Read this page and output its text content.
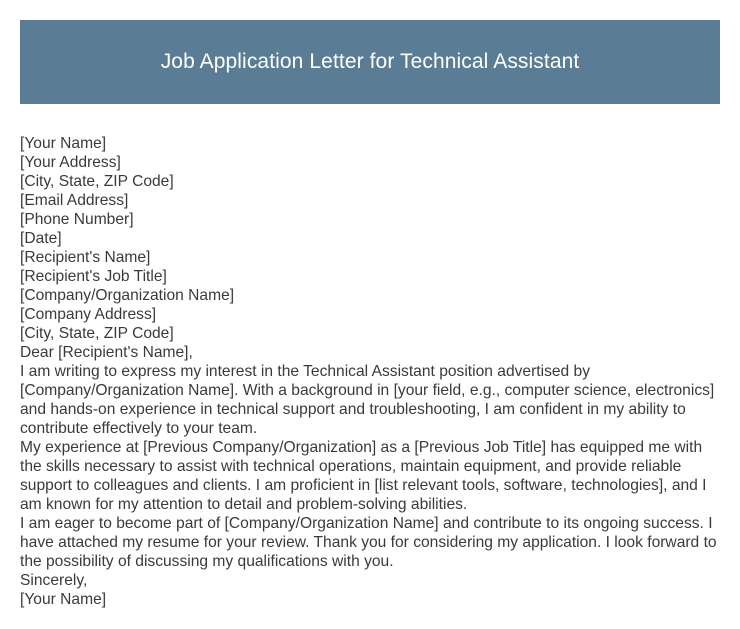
Job Application Letter for Technical Assistant
[Your Name]
[Your Address]
[City, State, ZIP Code]
[Email Address]
[Phone Number]
[Date]
[Recipient's Name]
[Recipient's Job Title]
[Company/Organization Name]
[Company Address]
[City, State, ZIP Code]
Dear [Recipient's Name],
I am writing to express my interest in the Technical Assistant position advertised by [Company/Organization Name]. With a background in [your field, e.g., computer science, electronics] and hands-on experience in technical support and troubleshooting, I am confident in my ability to contribute effectively to your team.
My experience at [Previous Company/Organization] as a [Previous Job Title] has equipped me with the skills necessary to assist with technical operations, maintain equipment, and provide reliable support to colleagues and clients. I am proficient in [list relevant tools, software, technologies], and I am known for my attention to detail and problem-solving abilities.
I am eager to become part of [Company/Organization Name] and contribute to its ongoing success. I have attached my resume for your review. Thank you for considering my application. I look forward to the possibility of discussing my qualifications with you.
Sincerely,
[Your Name]
